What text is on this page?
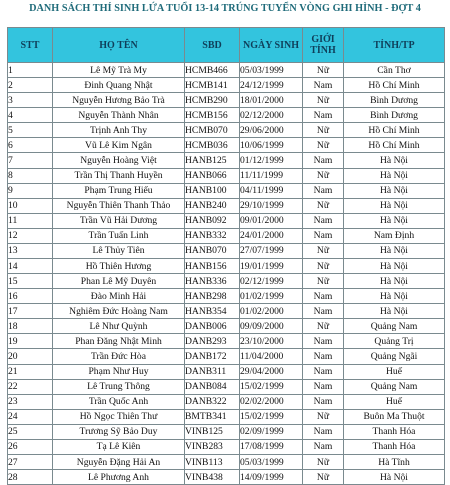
DANH SÁCH THÍ SINH LỨA TUỔI 13-14 TRÚNG TUYỂN VÒNG GHI HÌNH - ĐỢT 4
STT	HỌ TÊN	SBD	NGÀY SINH	GIỚI TÍNH	TỈNH/TP
1	Lê Mỹ Trà My	HCMB466	05/03/1999	Nữ	Cần Thơ
2	Đinh Quang Nhật	HCMB141	24/12/1999	Nam	Hồ Chí Minh
3	Nguyễn Hương Bảo Trà	HCMB290	18/01/2000	Nữ	Bình Dương
4	Nguyễn Thành Nhân	HCMB156	02/12/2000	Nam	Bình Dương
5	Trịnh Anh Thy	HCMB070	29/06/2000	Nữ	Hồ Chí Minh
6	Vũ Lê Kim Ngân	HCMB036	10/06/1999	Nữ	Hồ Chí Minh
7	Nguyễn Hoàng Việt	HANB125	01/12/1999	Nam	Hà Nội
8	Trần Thị Thanh Huyền	HANB066	11/11/1999	Nữ	Hà Nội
9	Phạm Trung Hiếu	HANB100	04/11/1999	Nam	Hà Nội
10	Nguyễn Thiên Thanh Thảo	HANB240	29/10/1999	Nữ	Hà Nội
11	Trần Vũ Hải Dương	HANB092	09/01/2000	Nam	Hà Nội
12	Trần Tuấn Linh	HANB332	24/01/2000	Nam	Nam Định
13	Lê Thủy Tiên	HANB070	27/07/1999	Nữ	Hà Nội
14	Hồ Thiên Hương	HANB156	19/01/1999	Nữ	Hà Nội
15	Phan Lê Mỹ Duyên	HANB336	02/12/1999	Nữ	Hà Nội
16	Đào Minh Hải	HANB298	01/02/1999	Nam	Hà Nội
17	Nghiêm Đức Hoàng Nam	HANB354	01/02/2000	Nam	Hà Nội
18	Lê Như Quỳnh	DANB006	09/09/2000	Nữ	Quảng Nam
19	Phan Đăng Nhật Minh	DANB293	23/10/2000	Nam	Quảng Trị
20	Trần Đức Hòa	DANB172	11/04/2000	Nam	Quảng Ngãi
21	Phạm Như Huy	DANB311	29/04/2000	Nam	Huế
22	Lê Trung Thông	DANB084	15/02/1999	Nam	Quảng Nam
23	Trần Quốc Anh	DANB322	02/02/2000	Nam	Huế
24	Hồ Ngọc Thiên Thư	BMTB341	15/02/1999	Nữ	Buôn Ma Thuột
25	Trương Sỹ Bảo Duy	VINB125	02/09/1999	Nam	Thanh Hóa
26	Tạ Lê Kiên	VINB283	17/08/1999	Nam	Thanh Hóa
27	Nguyễn Đặng Hải An	VINB113	05/03/1999	Nữ	Hà Tĩnh
28	Lê Phương Anh	VINB438	14/09/1999	Nữ	Hà Nội
